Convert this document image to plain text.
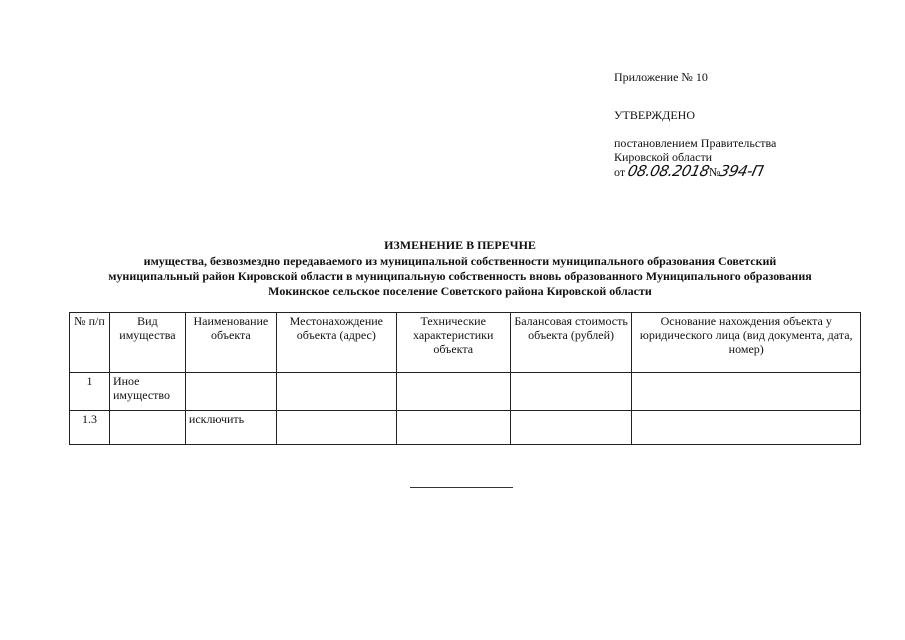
Приложение № 10
УТВЕРЖДЕНО
постановлением Правительства
Кировской области
от 08.08.2018№394-П
ИЗМЕНЕНИЕ В ПЕРЕЧНЕ
имущества, безвозмездно передаваемого из муниципальной собственности муниципального образования Советский
муниципальный район Кировской области в муниципальную собственность вновь образованного Муниципального образования
Мокинское сельское поселение Советского района Кировской области
№ п/п	Вид имущества	Наименование объекта	Местонахождение объекта (адрес)	Технические характеристики объекта	Балансовая стоимость объекта (рублей)	Основание нахождения объекта у юридического лица (вид документа, дата, номер)
1	Иное имущество					
1.3		исключить				
